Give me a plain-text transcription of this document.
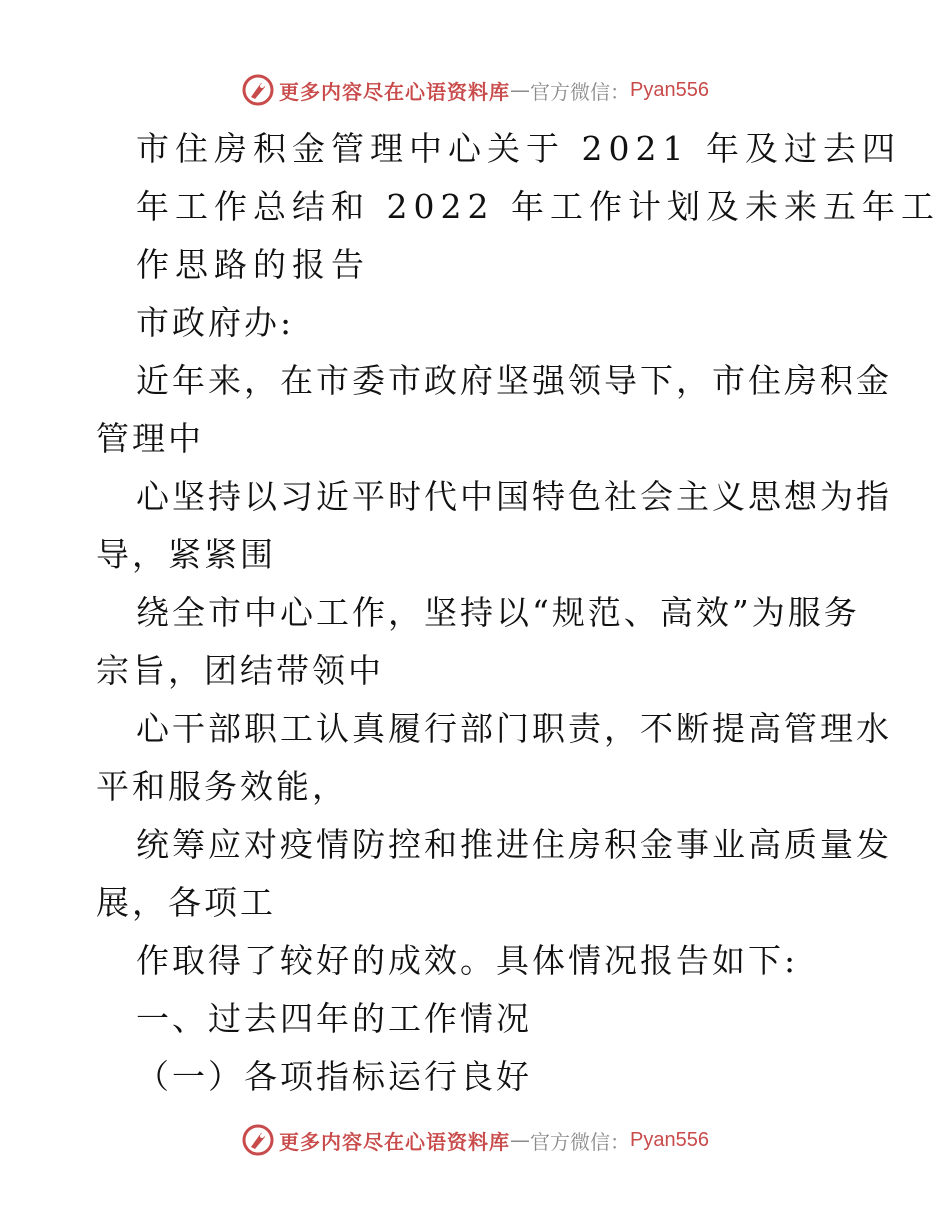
更多内容尽在心语资料库 — 官方微信： Pyan556
市住房积金管理中心关于 2021 年及过去四
年工作总结和 2022 年工作计划及未来五年工
作思路的报告
市政府办:
近年来，在市委市政府坚强领导下，市住房积金
管理中
心坚持以习近平时代中国特色社会主义思想为指
导，紧紧围
绕全市中心工作，坚持以“规范、高效”为服务
宗旨，团结带领中
心干部职工认真履行部门职责，不断提高管理水
平和服务效能，
统筹应对疫情防控和推进住房积金事业高质量发
展，各项工
作取得了较好的成效。具体情况报告如下:
一、过去四年的工作情况
（一）各项指标运行良好
更多内容尽在心语资料库 — 官方微信： Pyan556
